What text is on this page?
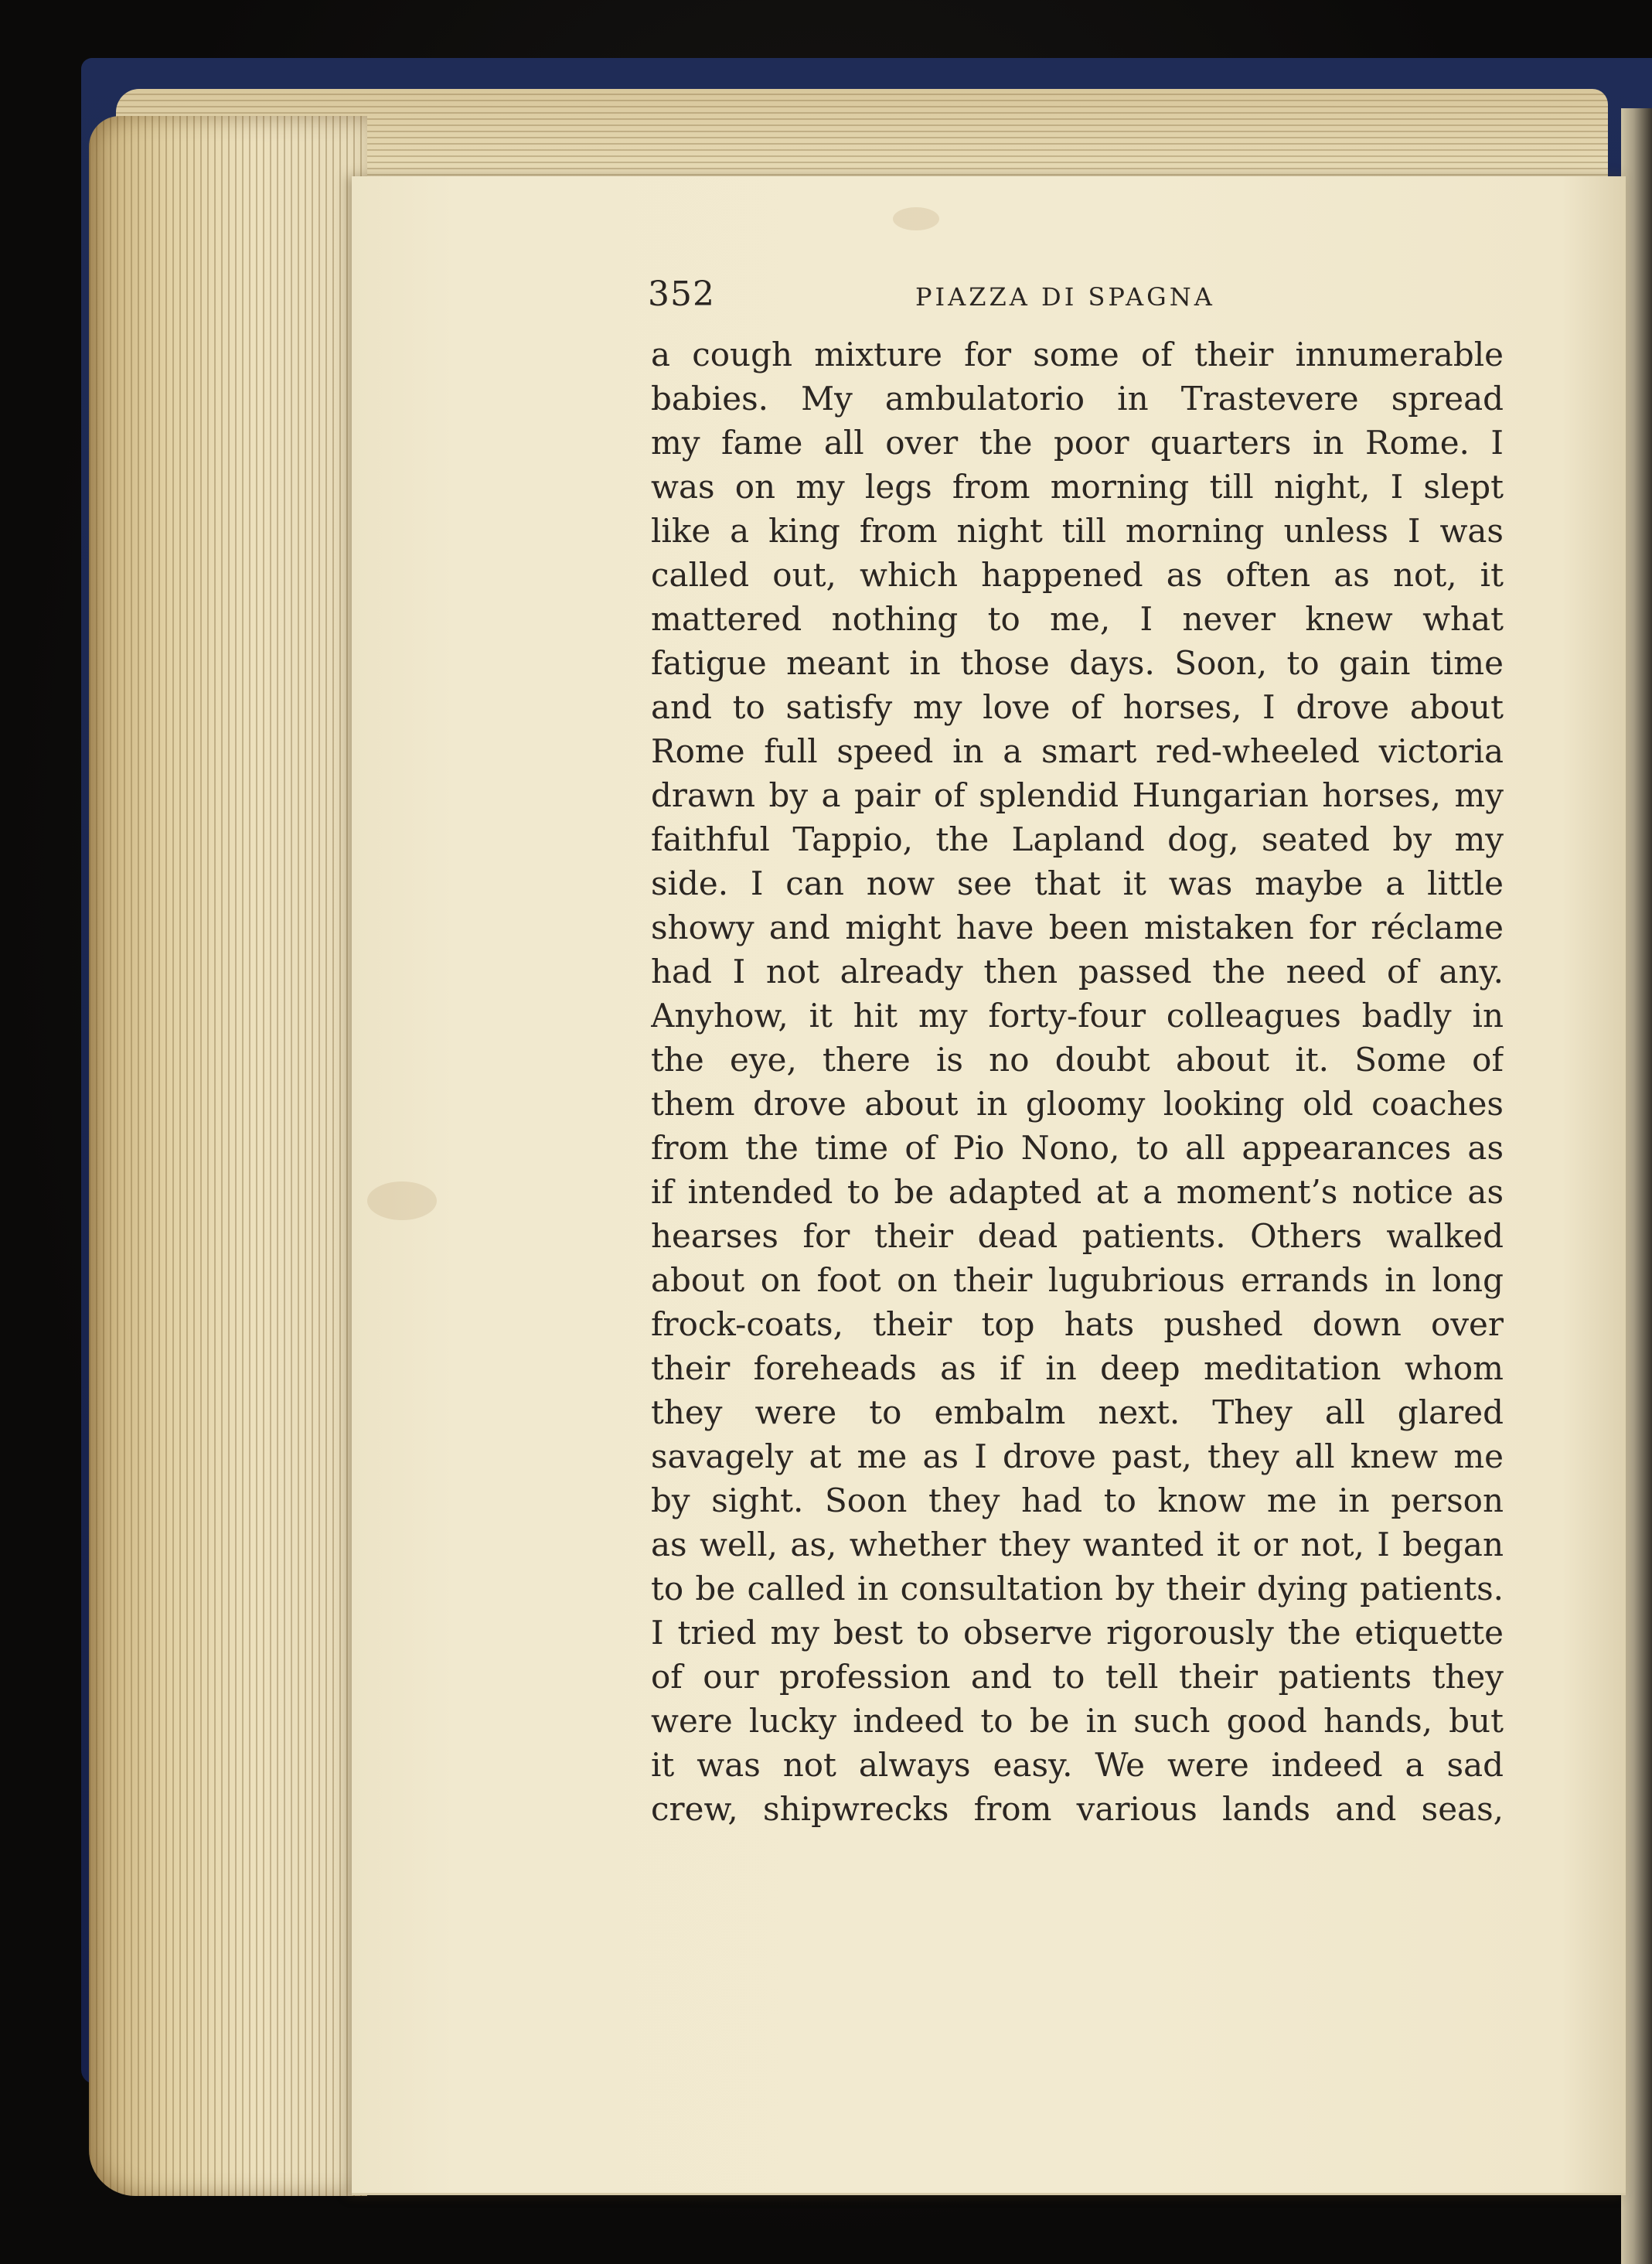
352	PIAZZA DI SPAGNA
a cough mixture for some of their innumerable
babies. My ambulatorio in Trastevere spread
my fame all over the poor quarters in Rome. I
was on my legs from morning till night, I slept
like a king from night till morning unless I was
called out, which happened as often as not, it
mattered nothing to me, I never knew what
fatigue meant in those days. Soon, to gain time
and to satisfy my love of horses, I drove about
Rome full speed in a smart red-wheeled victoria
drawn by a pair of splendid Hungarian horses, my
faithful Tappio, the Lapland dog, seated by my
side. I can now see that it was maybe a little
showy and might have been mistaken for réclame
had I not already then passed the need of any.
Anyhow, it hit my forty-four colleagues badly in
the eye, there is no doubt about it. Some of
them drove about in gloomy looking old coaches
from the time of Pio Nono, to all appearances as
if intended to be adapted at a moment’s notice as
hearses for their dead patients. Others walked
about on foot on their lugubrious errands in long
frock-coats, their top hats pushed down over
their foreheads as if in deep meditation whom
they were to embalm next. They all glared
savagely at me as I drove past, they all knew me
by sight. Soon they had to know me in person
as well, as, whether they wanted it or not, I began
to be called in consultation by their dying patients.
I tried my best to observe rigorously the etiquette
of our profession and to tell their patients they
were lucky indeed to be in such good hands, but
it was not always easy. We were indeed a sad
crew, shipwrecks from various lands and seas,
